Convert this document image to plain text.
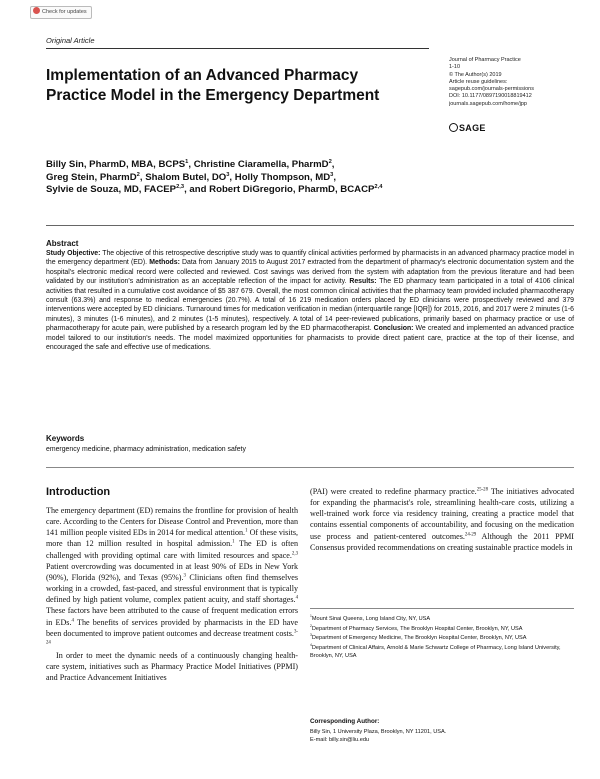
Check for updates
Original Article
Implementation of an Advanced Pharmacy Practice Model in the Emergency Department
Journal of Pharmacy Practice
1-10
© The Author(s) 2019
Article reuse guidelines:
sagepub.com/journals-permissions
DOI: 10.1177/0897190018819412
journals.sagepub.com/home/jpp
SAGE
Billy Sin, PharmD, MBA, BCPS$^1$, Christine Ciaramella, PharmD$^2$,
Greg Stein, PharmD$^2$, Shalom Butel, $DO^3$, Holly Thompson, $MD^3$,
Sylvie de Souza, MD, FACEP$^{2,3}$, and Robert DiGregorio, PharmD, BCACP$^{2,4}$
Abstract
Study Objective: The objective of this retrospective descriptive study was to quantify clinical activities performed by pharmacists in an advanced pharmacy practice model in the emergency department (ED). Methods: Data from January 2015 to August 2017 extracted from the department of pharmacy's electronic documentation system and the hospital's electronic medical record were collected and reviewed. Cost savings was derived from the system with adaptation from the previous literature and had been validated by our institution's administration as an acceptable reflection of the impact for activity. Results: The ED pharmacy team participated in a total of 4106 clinical activities that resulted in a cumulative cost avoidance of $5 387 679. Overall, the most common clinical activities that the pharmacy team provided included pharmacotherapy consult (63.3%) and response to medical emergencies (20.7%). A total of 16 219 medication orders placed by ED clinicians were prospectively reviewed and 379 interventions were accepted by ED clinicians. Turnaround times for medication verification in median (interquartile range [IQR]) for 2015, 2016, and 2017 were 2 minutes (1-6 minutes), 3 minutes (1-6 minutes), and 2 minutes (1-5 minutes), respectively. A total of 14 peer-reviewed publications, primarily based on pharmacy practice or use of pharmacotherapy for acute pain, were published by a research program led by the ED pharmacotherapist. Conclusion: We created and implemented an advanced practice model tailored to our institution's needs. The model maximized opportunities for pharmacists to provide direct patient care, practice at the top of their license, and encouraged the safe and effective use of medications.
Keywords
emergency medicine, pharmacy administration, medication safety
Introduction

The emergency department (ED) remains the frontline for provision of health care. According to the Centers for Disease Control and Prevention, more than 141 million people visited EDs in 2014 for medical attention.$^1$ Of these visits, more than 12 million resulted in hospital admission.$^1$ The ED is often challenged with providing optimal care with limited resources and space.$^{2,3}$ Patient overcrowding was documented in at least 90% of EDs in New York (90%), Florida (92%), and Texas (95%).$^3$ Clinicians often find themselves working in a crowded, fast-paced, and stressful environment that is typically defined by high patient volume, complex patient acuity, and staff shortages.$^4$ These factors have been attributed to the cause of frequent medication errors in EDs.$^4$ The benefits of services provided by pharmacists in the ED have been documented to improve patient outcomes and decrease treatment costs.$^{3-24}$

In order to meet the dynamic needs of a continuously changing health-care system, initiatives such as Pharmacy Practice Model Initiatives (PPMI) and Practice Advancement Initiatives

(PAI) were created to redefine pharmacy practice.$^{25-28}$ The initiatives advocated for expanding the pharmacist's role, streamlining health-care costs, utilizing a well-trained work force via residency training, creating a practice model that contains essential components of accountability, and focusing on the medication use process and patient-centered outcomes.$^{24-29}$ Although the 2011 PPMI Consensus provided recommendations on creating sustainable practice models in

$^1$Mount Sinai Queens, Long Island City, NY, USA
$^2$Department of Pharmacy Services, The Brooklyn Hospital Center, Brooklyn, NY, USA
$^3$Department of Emergency Medicine, The Brooklyn Hospital Center, Brooklyn, NY, USA
$^4$Department of Clinical Affairs, Arnold & Marie Schwartz College of Pharmacy, Long Island University, Brooklyn, NY, USA
Corresponding Author:
Billy Sin, 1 University Plaza, Brooklyn, NY 11201, USA.
E-mail: billy.sin@liu.edu
